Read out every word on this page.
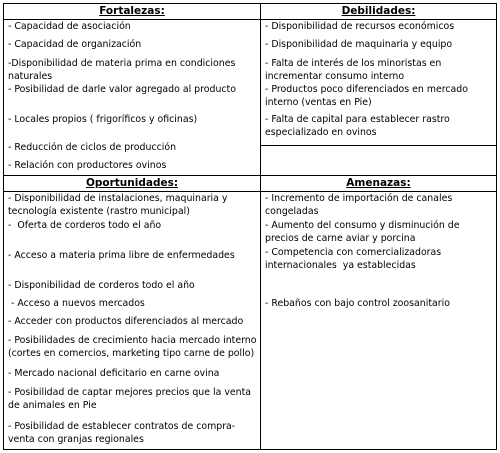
Fortalezas:
- Capacidad de asociación
- Capacidad de organización
-Disponibilidad de materia prima en condiciones
naturales
- Posibilidad de darle valor agregado al producto
- Locales propios ( frigoríficos y oficinas)
- Reducción de ciclos de producción
- Relación con productores ovinos
Debilidades:
- Disponibilidad de recursos económicos
- Disponibilidad de maquinaria y equipo
- Falta de interés de los minoristas en
incrementar consumo interno
- Productos poco diferenciados en mercado
interno (ventas en Pie)
- Falta de capital para establecer rastro
especializado en ovinos
Oportunidades:
- Disponibilidad de instalaciones, maquinaria y
tecnología existente (rastro municipal)
-  Oferta de corderos todo el año
- Acceso a materia prima libre de enfermedades
- Disponibilidad de corderos todo el año
- Acceso a nuevos mercados
- Acceder con productos diferenciados al mercado
- Posibilidades de crecimiento hacia mercado interno
(cortes en comercios, marketing tipo carne de pollo)
- Mercado nacional deficitario en carne ovina
- Posibilidad de captar mejores precios que la venta
de animales en Pie
- Posibilidad de establecer contratos de compra-
venta con granjas regionales
Amenazas:
- Incremento de importación de canales
congeladas
- Aumento del consumo y disminución de
precios de carne aviar y porcina
- Competencia con comercializadoras
internacionales  ya establecidas
- Rebaños con bajo control zoosanitario
